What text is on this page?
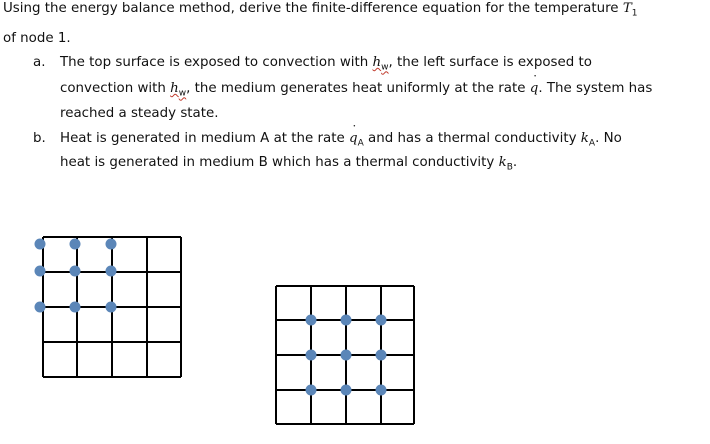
Using the energy balance method, derive the finite-difference equation for the temperature $T_1$
of node 1.
a. The top surface is exposed to convection with $h_w$, the left surface is exposed to
convection with $h_w$, the medium generates heat uniformly at the rate ˙ q. The system has
reached a steady state.
b. Heat is generated in medium A at the rate ˙ $q_A$ and has a thermal conductivity $k_A$. No
heat is generated in medium B which has a thermal conductivity $k_B$.
